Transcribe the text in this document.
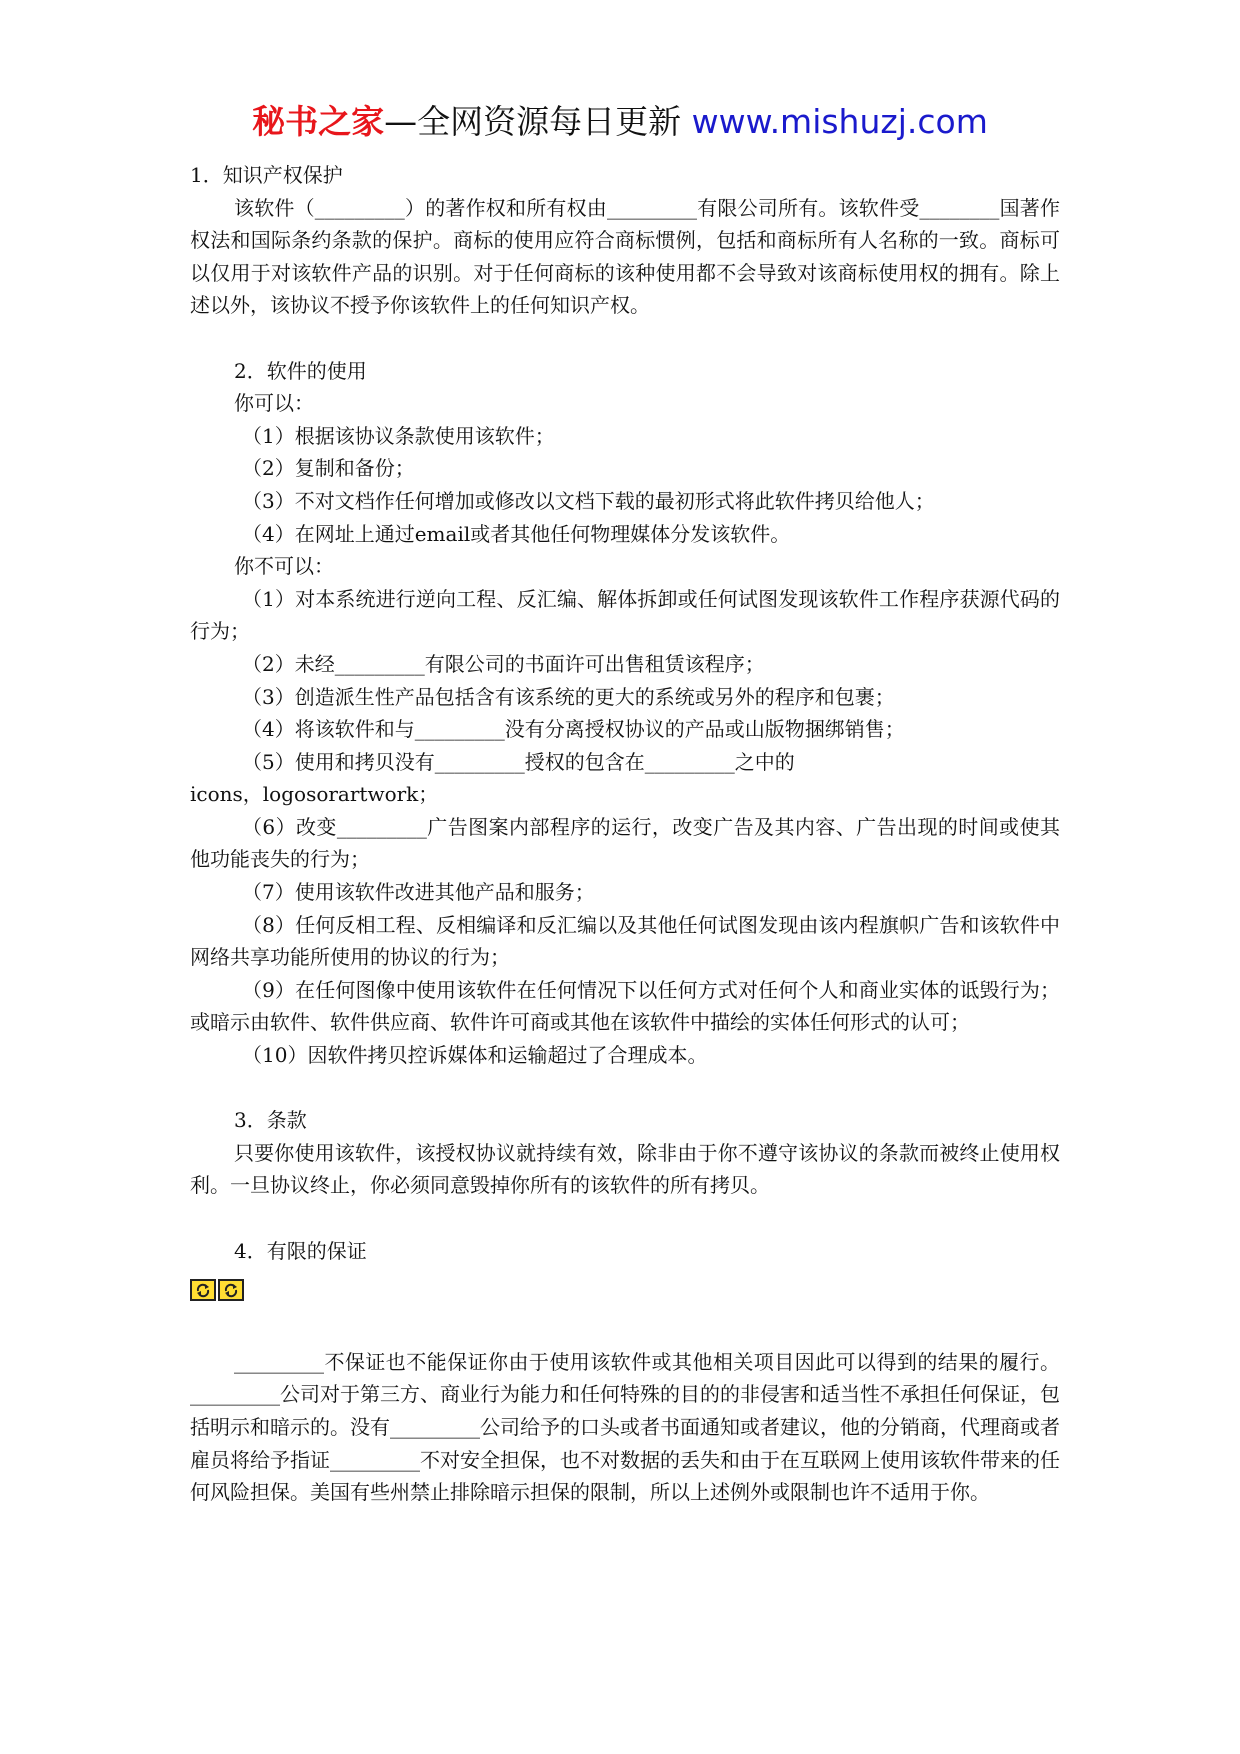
秘书之家—全网资源每日更新 www.mishuzj.com

1．知识产权保护

该软件（_________）的著作权和所有权由_________有限公司所有。该软件受________国著作权法和国际条约条款的保护。商标的使用应符合商标惯例，包括和商标所有人名称的一致。商标可以仅用于对该软件产品的识别。对于任何商标的该种使用都不会导致对该商标使用权的拥有。除上述以外，该协议不授予你该软件上的任何知识产权。

2．软件的使用

你可以：

（1）根据该协议条款使用该软件；

（2）复制和备份；

（3）不对文档作任何增加或修改以文档下载的最初形式将此软件拷贝给他人；

（4）在网址上通过email或者其他任何物理媒体分发该软件。

你不可以：

（1）对本系统进行逆向工程、反汇编、解体拆卸或任何试图发现该软件工作程序获源代码的行为；

（2）未经_________有限公司的书面许可出售租赁该程序；

（3）创造派生性产品包括含有该系统的更大的系统或另外的程序和包裹；

（4）将该软件和与_________没有分离授权协议的产品或山版物捆绑销售；

（5）使用和拷贝没有_________授权的包含在_________之中的

icons，logosorartwork；

（6）改变_________广告图案内部程序的运行，改变广告及其内容、广告出现的时间或使其他功能丧失的行为；

（7）使用该软件改进其他产品和服务；

（8）任何反相工程、反相编译和反汇编以及其他任何试图发现由该内程旗帜广告和该软件中网络共享功能所使用的协议的行为；

（9）在任何图像中使用该软件在任何情况下以任何方式对任何个人和商业实体的诋毁行为；或暗示由软件、软件供应商、软件许可商或其他在该软件中描绘的实体任何形式的认可；

（10）因软件拷贝控诉媒体和运输超过了合理成本。

3．条款

只要你使用该软件，该授权协议就持续有效，除非由于你不遵守该协议的条款而被终止使用权利。一旦协议终止，你必须同意毁掉你所有的该软件的所有拷贝。

4．有限的保证

_________不保证也不能保证你由于使用该软件或其他相关项目因此可以得到的结果的履行。_________公司对于第三方、商业行为能力和任何特殊的目的的非侵害和适当性不承担任何保证，包括明示和暗示的。没有_________公司给予的口头或者书面通知或者建议，他的分销商，代理商或者雇员将给予指证_________不对安全担保，也不对数据的丢失和由于在互联网上使用该软件带来的任何风险担保。美国有些州禁止排除暗示担保的限制，所以上述例外或限制也许不适用于你。
